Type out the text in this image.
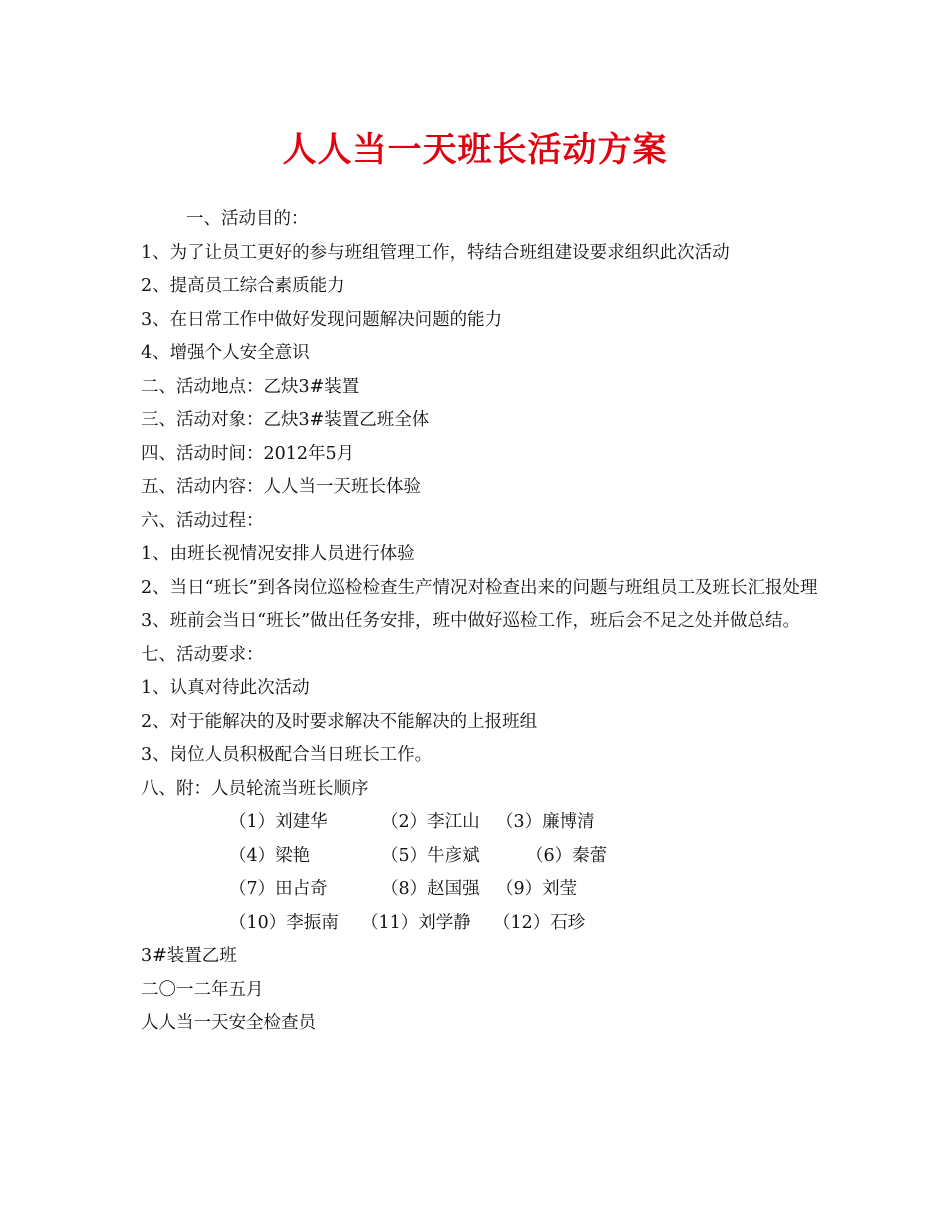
人人当一天班长活动方案
一、活动目的：
1、为了让员工更好的参与班组管理工作，特结合班组建设要求组织此次活动
2、提高员工综合素质能力
3、在日常工作中做好发现问题解决问题的能力
4、增强个人安全意识
二、活动地点：乙炔3#装置
三、活动对象：乙炔3#装置乙班全体
四、活动时间：2012年5月
五、活动内容：人人当一天班长体验
六、活动过程：
1、由班长视情况安排人员进行体验
2、当日“班长”到各岗位巡检检查生产情况对检查出来的问题与班组员工及班长汇报处理
3、班前会当日“班长”做出任务安排，班中做好巡检工作，班后会不足之处并做总结。
七、活动要求：
1、认真对待此次活动
2、对于能解决的及时要求解决不能解决的上报班组
3、岗位人员积极配合当日班长工作。
八、附：人员轮流当班长顺序
（1）刘建华	（2）李江山 （3）廉博清
（4）梁艳	（5）牛彦斌	（6）秦蕾
（7）田占奇	（8）赵国强 （9）刘莹
（10）李振南 （11）刘学静 （12）石珍
3#装置乙班
二〇一二年五月
人人当一天安全检查员
